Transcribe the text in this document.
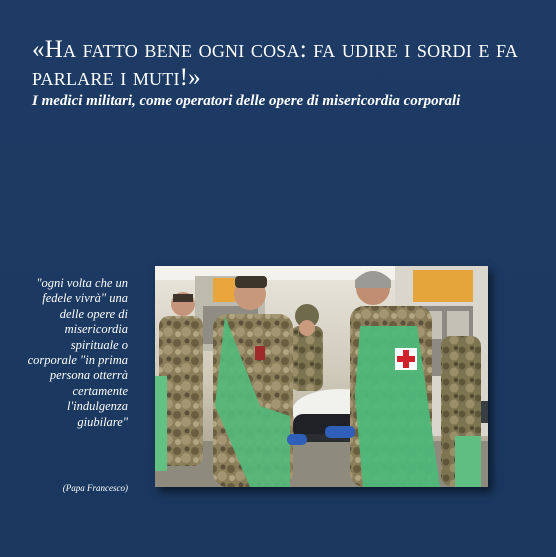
«Ha fatto bene ogni cosa: fa udire i sordi e fa parlare i muti!»

I medici militari, come operatori delle opere di misericordia corporali

"ogni volta che un fedele vivrà" una delle opere di misericordia spirituale o corporale "in prima persona otterrà certamente l'indulgenza giubilare"

(Papa Francesco)
